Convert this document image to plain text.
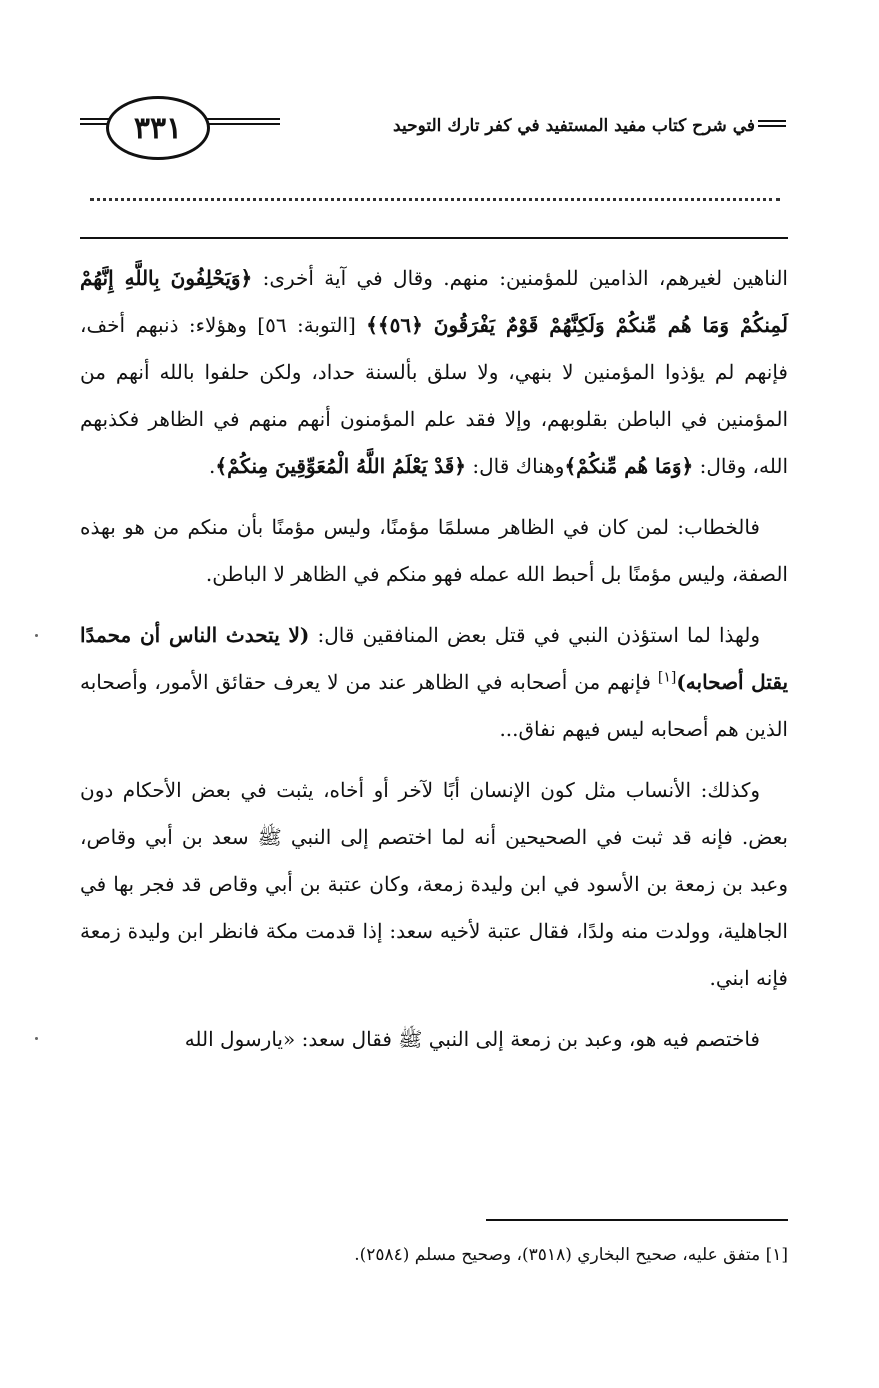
٣٣١	في شرح كتاب مفيد المستفيد في كفر تارك التوحيد

الناهين لغيرهم، الذامين للمؤمنين: منهم. وقال في آية أخرى: ﴿وَيَحْلِفُونَ بِاللَّهِ إِنَّهُمْ لَمِنكُمْ وَمَا هُم مِّنكُمْ وَلَكِنَّهُمْ قَوْمٌ يَفْرَقُونَ ﴿٥٦﴾﴾ [التوبة: ٥٦] وهؤلاء: ذنبهم أخف، فإنهم لم يؤذوا المؤمنين لا بنهي، ولا سلق بألسنة حداد، ولكن حلفوا بالله أنهم من المؤمنين في الباطن بقلوبهم، وإلا فقد علم المؤمنون أنهم منهم في الظاهر فكذبهم الله، وقال: ﴿وَمَا هُم مِّنكُمْ﴾وهناك قال: ﴿قَدْ يَعْلَمُ اللَّهُ الْمُعَوِّقِينَ مِنكُمْ﴾.

فالخطاب: لمن كان في الظاهر مسلمًا مؤمنًا، وليس مؤمنًا بأن منكم من هو بهذه الصفة، وليس مؤمنًا بل أحبط الله عمله فهو منكم في الظاهر لا الباطن.

ولهذا لما استؤذن النبي في قتل بعض المنافقين قال: (لا يتحدث الناس أن محمدًا يقتل أصحابه)[١] فإنهم من أصحابه في الظاهر عند من لا يعرف حقائق الأمور، وأصحابه الذين هم أصحابه ليس فيهم نفاق...

وكذلك: الأنساب مثل كون الإنسان أبًا لآخر أو أخاه، يثبت في بعض الأحكام دون بعض. فإنه قد ثبت في الصحيحين أنه لما اختصم إلى النبي ﷺ سعد بن أبي وقاص، وعبد بن زمعة بن الأسود في ابن وليدة زمعة، وكان عتبة بن أبي وقاص قد فجر بها في الجاهلية، وولدت منه ولدًا، فقال عتبة لأخيه سعد: إذا قدمت مكة فانظر ابن وليدة زمعة فإنه ابني.

فاختصم فيه هو، وعبد بن زمعة إلى النبي ﷺ فقال سعد: «يارسول الله

[١] متفق عليه، صحيح البخاري (٣٥١٨)، وصحيح مسلم (٢٥٨٤).
